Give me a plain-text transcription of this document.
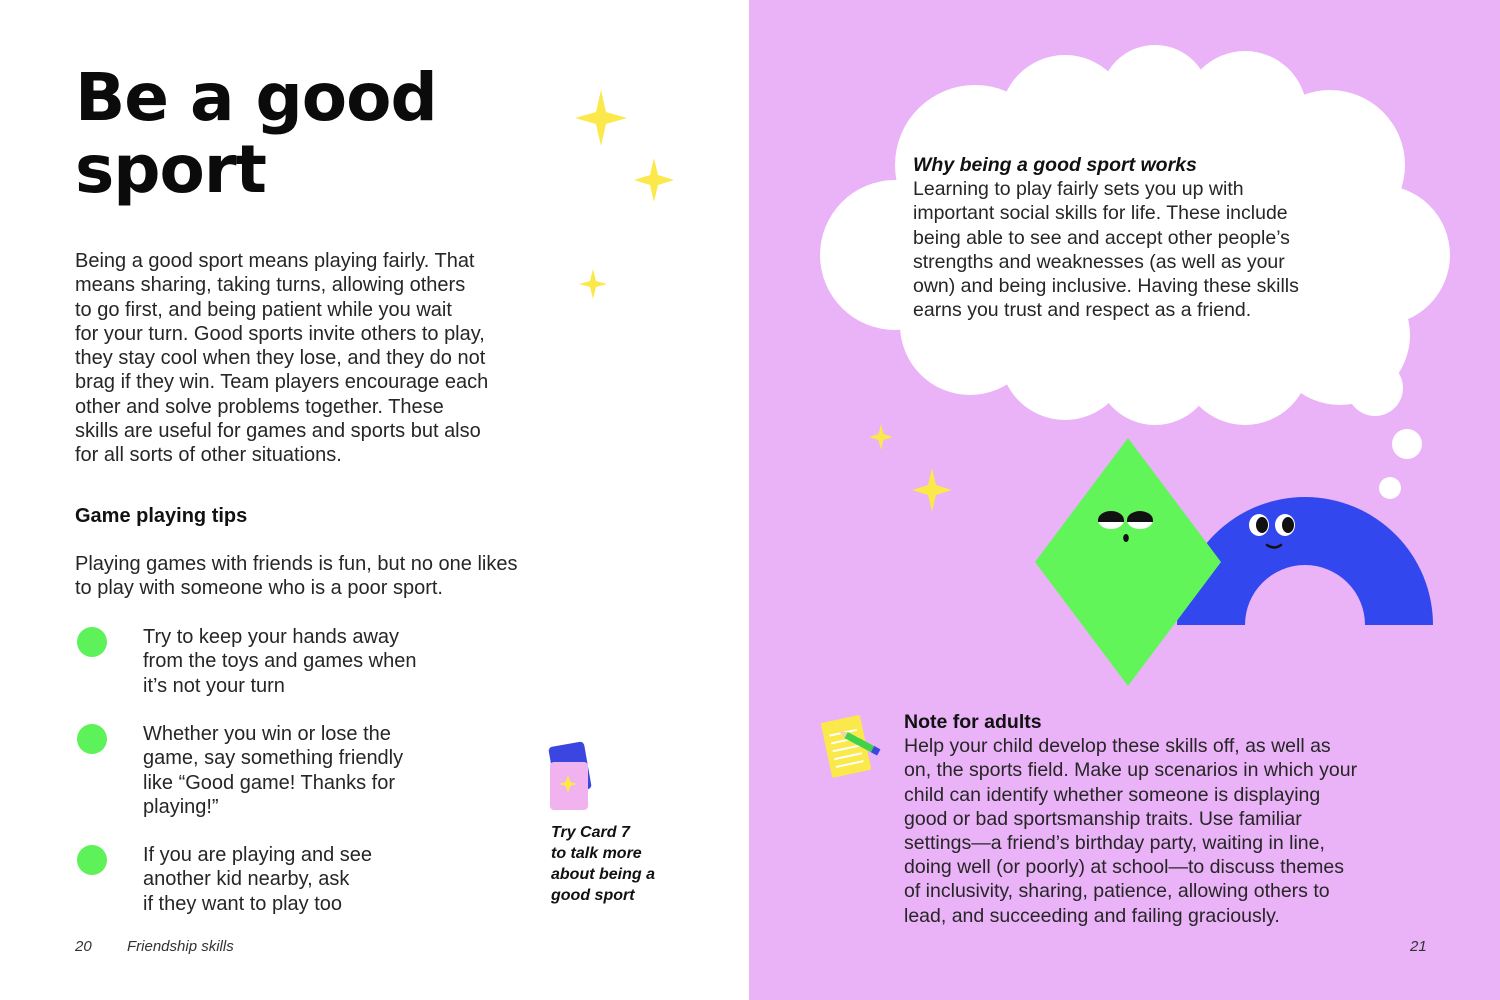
Be a good
sport

Being a good sport means playing fairly. That
means sharing, taking turns, allowing others
to go first, and being patient while you wait
for your turn. Good sports invite others to play,
they stay cool when they lose, and they do not
brag if they win. Team players encourage each
other and solve problems together. These
skills are useful for games and sports but also
for all sorts of other situations.

Game playing tips

Playing games with friends is fun, but no one likes
to play with someone who is a poor sport.

Try to keep your hands away
from the toys and games when
it’s not your turn

Whether you win or lose the
game, say something friendly
like “Good game! Thanks for
playing!”

If you are playing and see
another kid nearby, ask
if they want to play too

Try Card 7
to talk more
about being a
good sport

20 Friendship skills
Why being a good sport works

Learning to play fairly sets you up with
important social skills for life. These include
being able to see and accept other people’s
strengths and weaknesses (as well as your
own) and being inclusive. Having these skills
earns you trust and respect as a friend.

Note for adults

Help your child develop these skills off, as well as
on, the sports field. Make up scenarios in which your
child can identify whether someone is displaying
good or bad sportsmanship traits. Use familiar
settings—a friend’s birthday party, waiting in line,
doing well (or poorly) at school—to discuss themes
of inclusivity, sharing, patience, allowing others to
lead, and succeeding and failing graciously.

21
